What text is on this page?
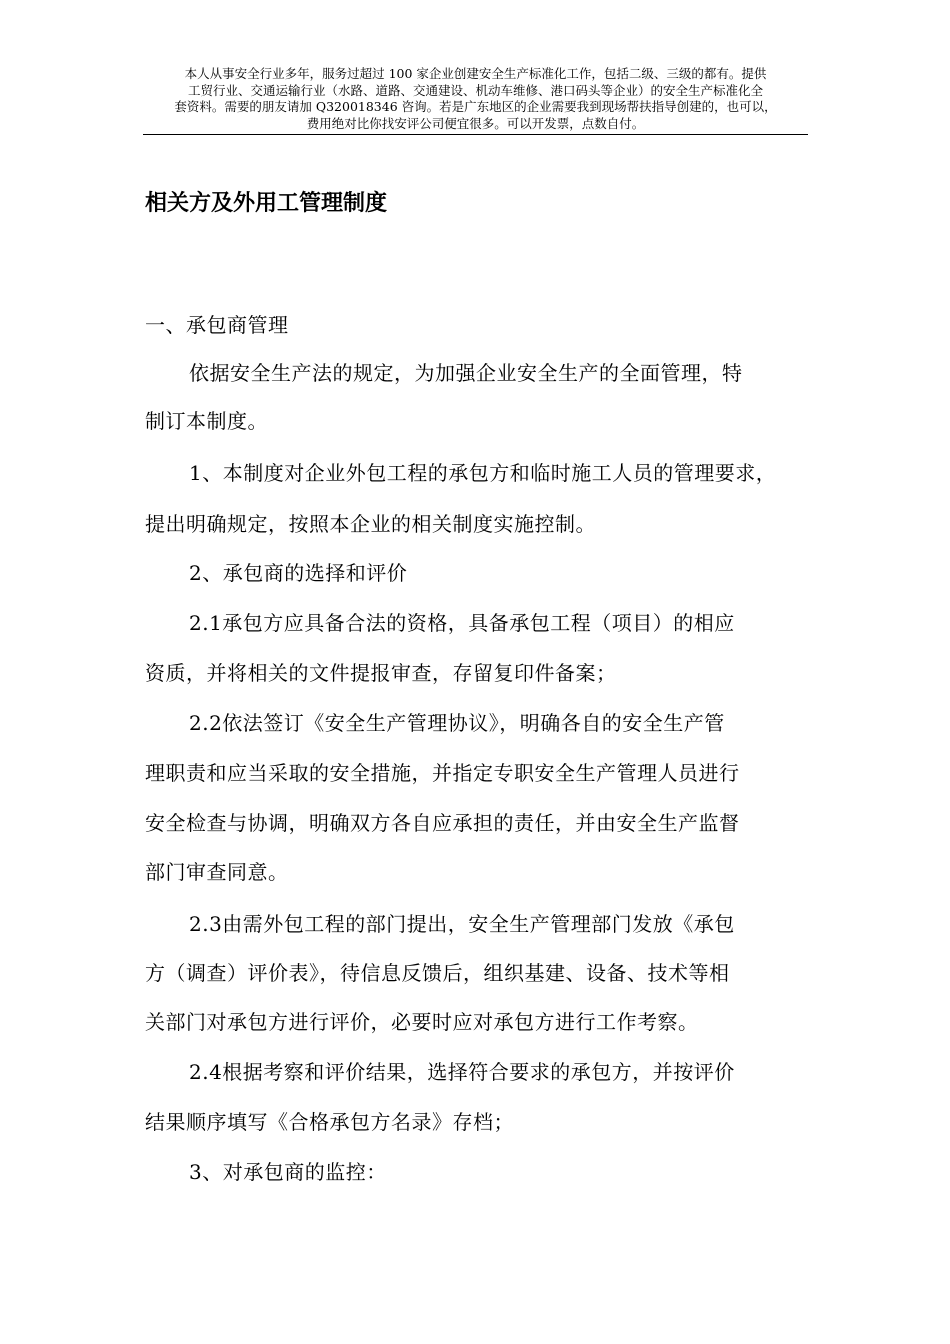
本人从事安全行业多年，服务过超过 100 家企业创建安全生产标准化工作，包括二级、三级的都有。提供
工贸行业、交通运输行业（水路、道路、交通建设、机动车维修、港口码头等企业）的安全生产标准化全
套资料。需要的朋友请加 Q320018346 咨询。若是广东地区的企业需要我到现场帮扶指导创建的，也可以，
费用绝对比你找安评公司便宜很多。可以开发票，点数自付。
相关方及外用工管理制度
一、承包商管理
依据安全生产法的规定，为加强企业安全生产的全面管理，特
制订本制度。
1、本制度对企业外包工程的承包方和临时施工人员的管理要求，
提出明确规定，按照本企业的相关制度实施控制。
2、承包商的选择和评价
2.1承包方应具备合法的资格，具备承包工程（项目）的相应
资质，并将相关的文件提报审查，存留复印件备案；
2.2依法签订《安全生产管理协议》，明确各自的安全生产管
理职责和应当采取的安全措施，并指定专职安全生产管理人员进行
安全检查与协调，明确双方各自应承担的责任，并由安全生产监督
部门审查同意。
2.3由需外包工程的部门提出，安全生产管理部门发放《承包
方（调查）评价表》，待信息反馈后，组织基建、设备、技术等相
关部门对承包方进行评价，必要时应对承包方进行工作考察。
2.4根据考察和评价结果，选择符合要求的承包方，并按评价
结果顺序填写《合格承包方名录》存档；
3、对承包商的监控：
